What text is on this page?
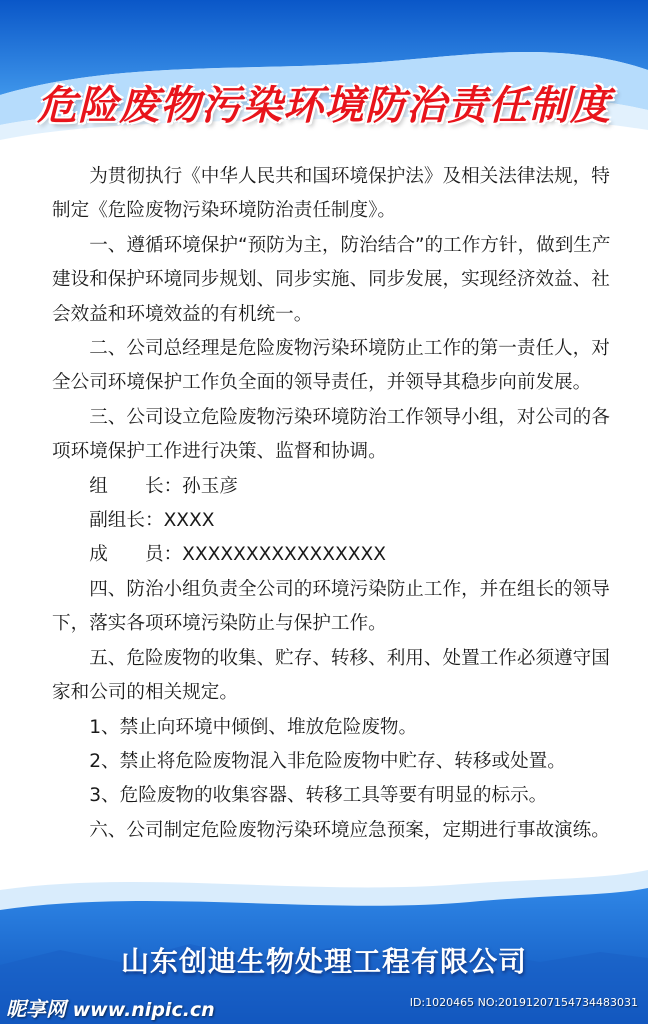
危险废物污染环境防治责任制度

为贯彻执行《中华人民共和国环境保护法》及相关法律法规，特制定《危险废物污染环境防治责任制度》。

一、遵循环境保护“预防为主，防治结合”的工作方针，做到生产建设和保护环境同步规划、同步实施、同步发展，实现经济效益、社会效益和环境效益的有机统一。

二、公司总经理是危险废物污染环境防止工作的第一责任人，对全公司环境保护工作负全面的领导责任，并领导其稳步向前发展。

三、公司设立危险废物污染环境防治工作领导小组，对公司的各项环境保护工作进行决策、监督和协调。

组　　长：孙玉彦

副组长：XXXX

成　　员：XXXXXXXXXXXXXXXX

四、防治小组负责全公司的环境污染防止工作，并在组长的领导下，落实各项环境污染防止与保护工作。

五、危险废物的收集、贮存、转移、利用、处置工作必须遵守国家和公司的相关规定。

1、禁止向环境中倾倒、堆放危险废物。

2、禁止将危险废物混入非危险废物中贮存、转移或处置。

3、危险废物的收集容器、转移工具等要有明显的标示。

六、公司制定危险废物污染环境应急预案，定期进行事故演练。

山东创迪生物处理工程有限公司
昵享网 www.nipic.cn	ID:1020465 NO:20191207154734483031
